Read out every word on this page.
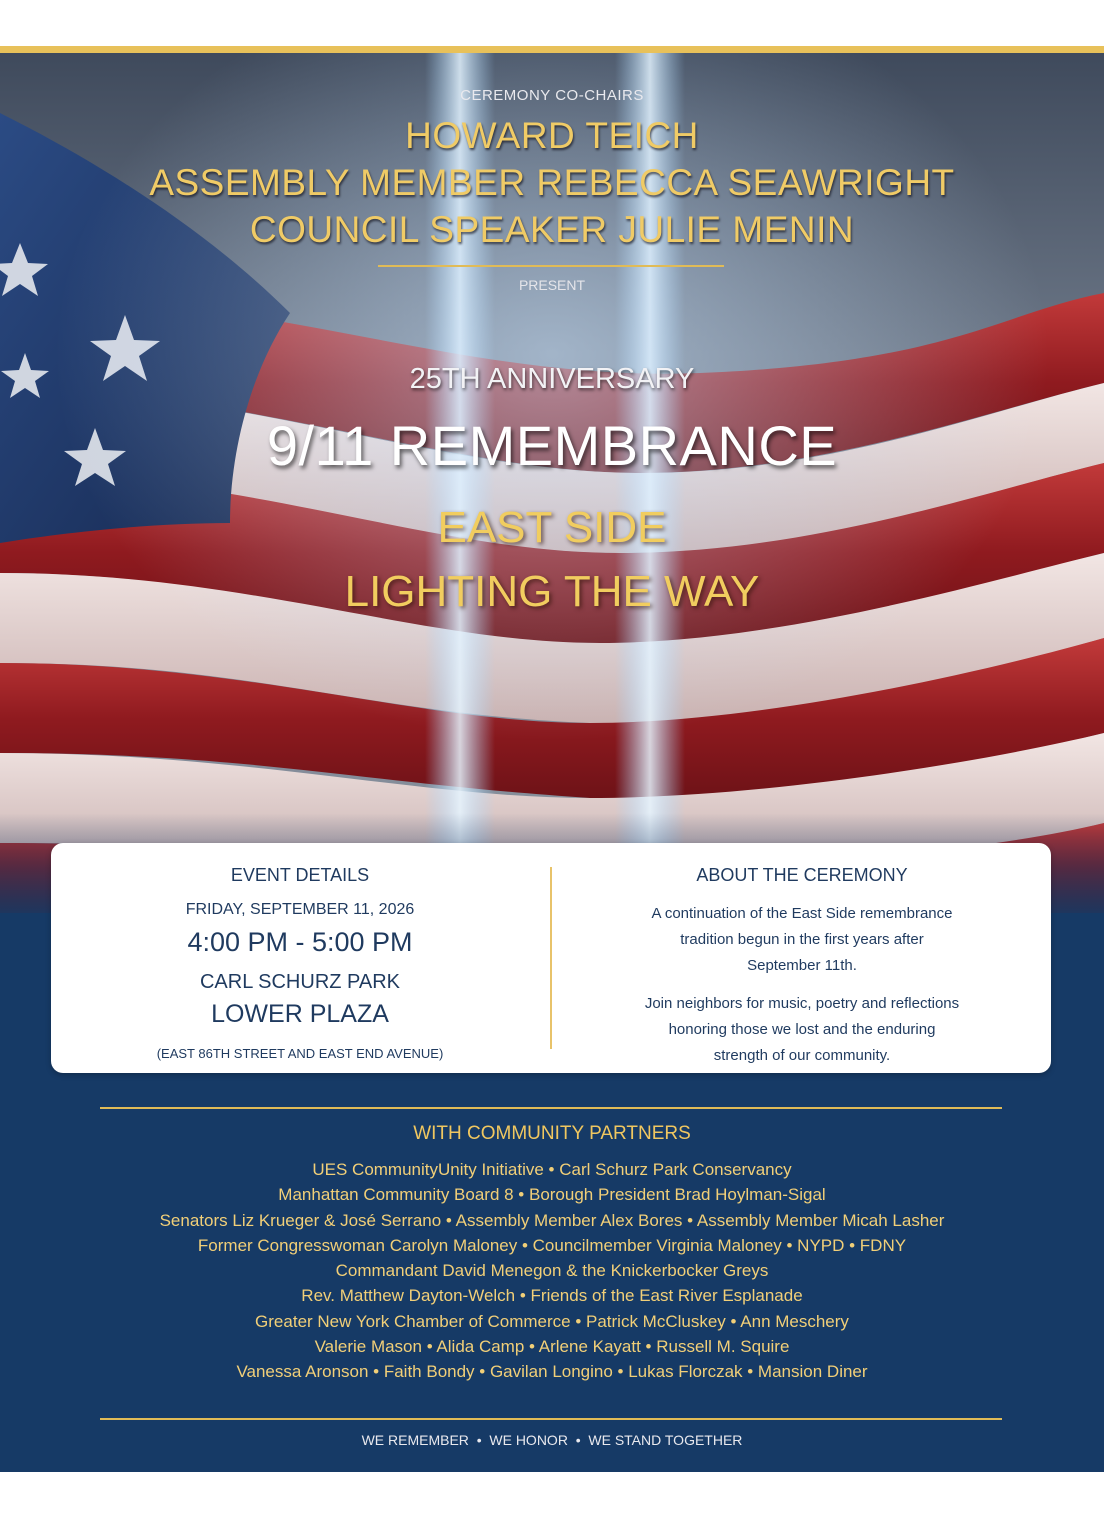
CEREMONY CO-CHAIRS
HOWARD TEICH
ASSEMBLY MEMBER REBECCA SEAWRIGHT
COUNCIL SPEAKER JULIE MENIN
PRESENT
25TH ANNIVERSARY
9/11 REMEMBRANCE
EAST SIDE
LIGHTING THE WAY
EVENT DETAILS
FRIDAY, SEPTEMBER 11, 2026
4:00 PM - 5:00 PM
CARL SCHURZ PARK
LOWER PLAZA
(EAST 86TH STREET AND EAST END AVENUE)
ABOUT THE CEREMONY
A continuation of the East Side remembrance tradition begun in the first years after September 11th.
Join neighbors for music, poetry and reflections honoring those we lost and the enduring strength of our community.
WITH COMMUNITY PARTNERS
UES CommunityUnity Initiative • Carl Schurz Park Conservancy
Manhattan Community Board 8 • Borough President Brad Hoylman-Sigal
Senators Liz Krueger & José Serrano • Assembly Member Alex Bores • Assembly Member Micah Lasher
Former Congresswoman Carolyn Maloney • Councilmember Virginia Maloney • NYPD • FDNY
Commandant David Menegon & the Knickerbocker Greys
Rev. Matthew Dayton-Welch • Friends of the East River Esplanade
Greater New York Chamber of Commerce • Patrick McCluskey • Ann Meschery
Valerie Mason • Alida Camp • Arlene Kayatt • Russell M. Squire
Vanessa Aronson • Faith Bondy • Gavilan Longino • Lukas Florczak • Mansion Diner
WE REMEMBER  •  WE HONOR  •  WE STAND TOGETHER
